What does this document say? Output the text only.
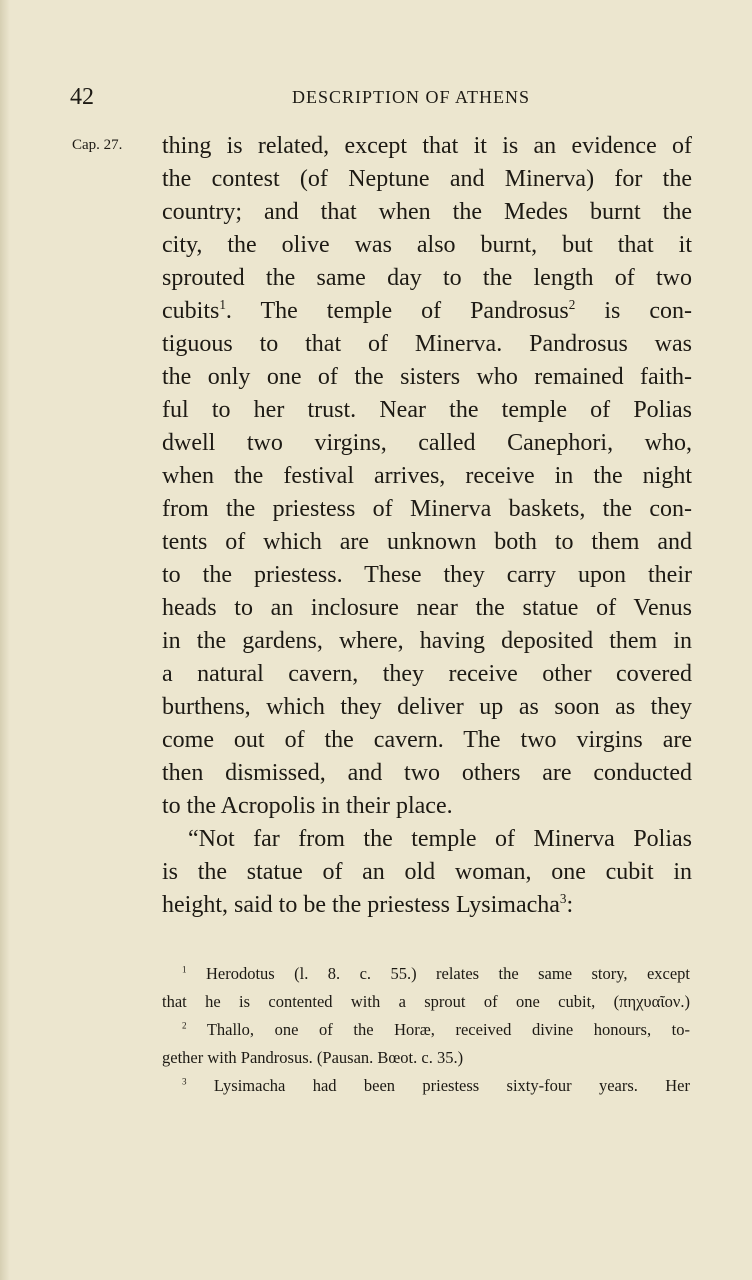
42	DESCRIPTION OF ATHENS
Cap. 27. thing is related, except that it is an evidence of
the contest (of Neptune and Minerva) for the
country; and that when the Medes burnt the
city, the olive was also burnt, but that it
sprouted the same day to the length of two
cubits$^1$. The temple of Pandrosus$^2$ is con-
tiguous to that of Minerva. Pandrosus was
the only one of the sisters who remained faith-
ful to her trust. Near the temple of Polias
dwell two virgins, called Canephori, who,
when the festival arrives, receive in the night
from the priestess of Minerva baskets, the con-
tents of which are unknown both to them and
to the priestess. These they carry upon their
heads to an inclosure near the statue of Venus
in the gardens, where, having deposited them in
a natural cavern, they receive other covered
burthens, which they deliver up as soon as they
come out of the cavern. The two virgins are
then dismissed, and two others are conducted
to the Acropolis in their place.
“Not far from the temple of Minerva Polias
is the statue of an old woman, one cubit in
height, said to be the priestess Lysimacha$^3$:
$^1$ Herodotus (l. 8. c. 55.) relates the same story, except
that he is contented with a sprout of one cubit, (πηχυαῖον.)
$^2$ Thallo, one of the Horæ, received divine honours, to-
gether with Pandrosus. (Pausan. Bœot. c. 35.)
$^3$ Lysimacha had been priestess sixty-four years. Her
